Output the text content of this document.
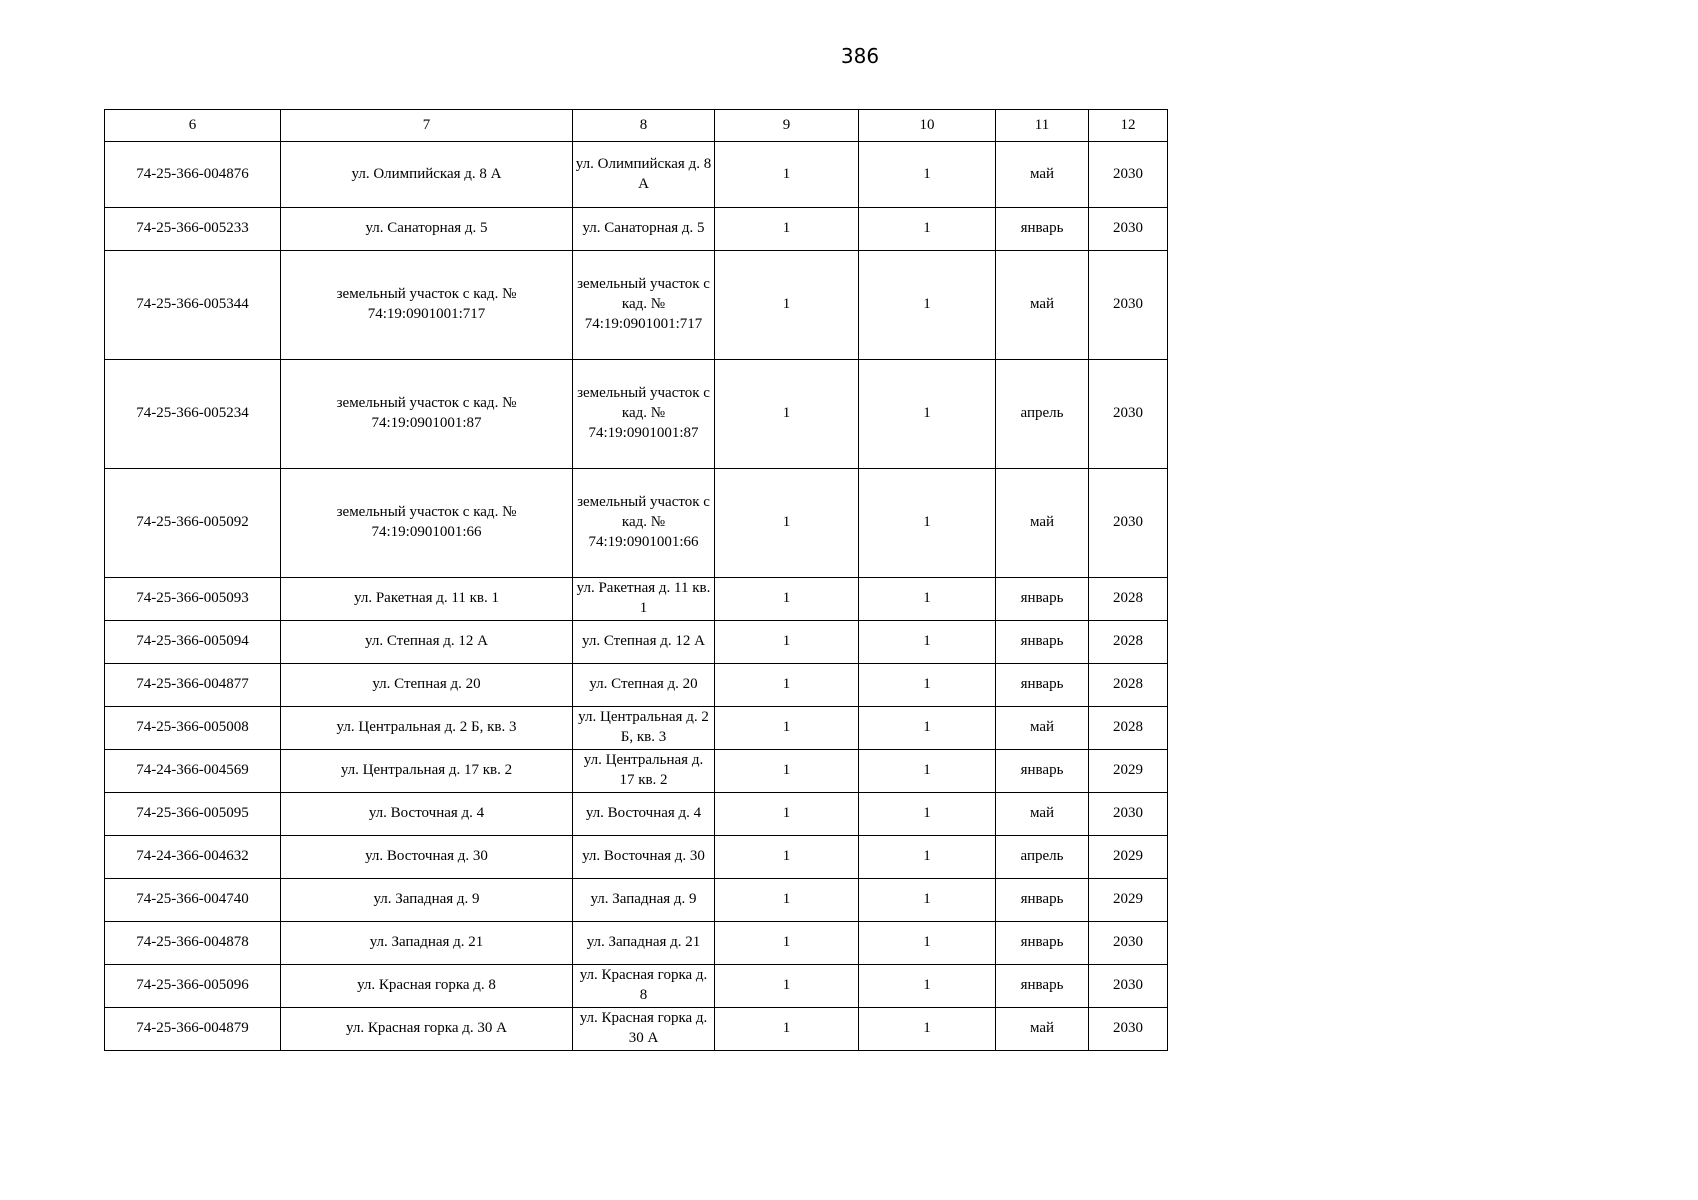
386
6	7	8	9	10	11	12
74-25-366-004876	ул. Олимпийская д. 8 А	ул. Олимпийская д. 8 А	1	1	май	2030
74-25-366-005233	ул. Санаторная д. 5	ул. Санаторная д. 5	1	1	январь	2030
74-25-366-005344	земельный участок с кад. № 74:19:0901001:717	земельный участок с кад. № 74:19:0901001:717	1	1	май	2030
74-25-366-005234	земельный участок с кад. № 74:19:0901001:87	земельный участок с кад. № 74:19:0901001:87	1	1	апрель	2030
74-25-366-005092	земельный участок с кад. № 74:19:0901001:66	земельный участок с кад. № 74:19:0901001:66	1	1	май	2030
74-25-366-005093	ул. Ракетная д. 11 кв. 1	ул. Ракетная д. 11 кв. 1	1	1	январь	2028
74-25-366-005094	ул. Степная д. 12 А	ул. Степная д. 12 А	1	1	январь	2028
74-25-366-004877	ул. Степная д. 20	ул. Степная д. 20	1	1	январь	2028
74-25-366-005008	ул. Центральная д. 2 Б, кв. 3	ул. Центральная д. 2 Б, кв. 3	1	1	май	2028
74-24-366-004569	ул. Центральная д. 17 кв. 2	ул. Центральная д. 17 кв. 2	1	1	январь	2029
74-25-366-005095	ул. Восточная д. 4	ул. Восточная д. 4	1	1	май	2030
74-24-366-004632	ул. Восточная д. 30	ул. Восточная д. 30	1	1	апрель	2029
74-25-366-004740	ул. Западная д. 9	ул. Западная д. 9	1	1	январь	2029
74-25-366-004878	ул. Западная д. 21	ул. Западная д. 21	1	1	январь	2030
74-25-366-005096	ул. Красная горка д. 8	ул. Красная горка д. 8	1	1	январь	2030
74-25-366-004879	ул. Красная горка д. 30 А	ул. Красная горка д. 30 А	1	1	май	2030
